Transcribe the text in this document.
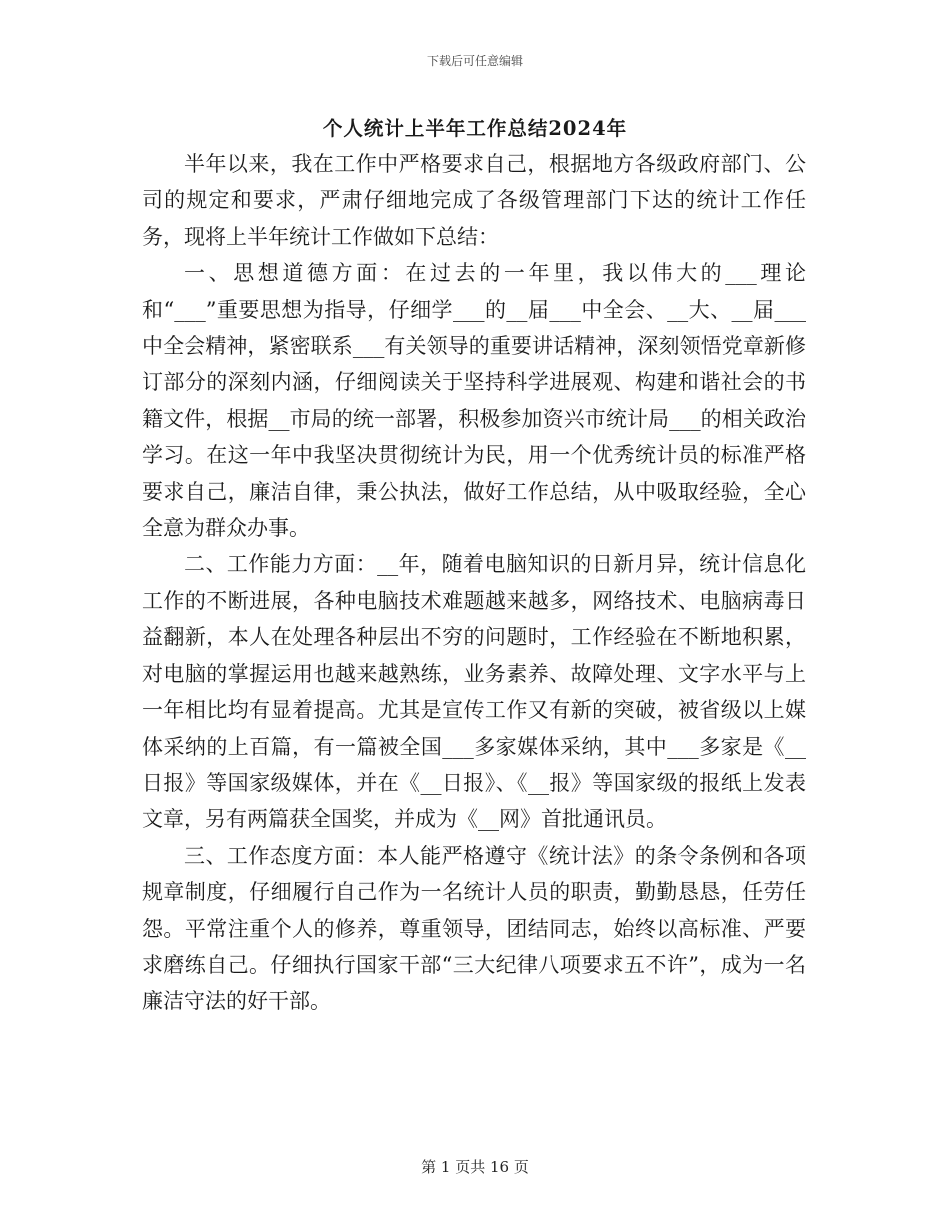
下载后可任意编辑
个人统计上半年工作总结2024年

半年以来，我在工作中严格要求自己，根据地方各级政府部门、公司的规定和要求，严肃仔细地完成了各级管理部门下达的统计工作任务，现将上半年统计工作做如下总结：

一、思想道德方面：在过去的一年里，我以伟大的___理论和“___”重要思想为指导，仔细学___的__届___中全会、__大、__届___中全会精神，紧密联系___有关领导的重要讲话精神，深刻领悟党章新修订部分的深刻内涵，仔细阅读关于坚持科学进展观、构建和谐社会的书籍文件，根据__市局的统一部署，积极参加资兴市统计局___的相关政治学习。在这一年中我坚决贯彻统计为民，用一个优秀统计员的标准严格要求自己，廉洁自律，秉公执法，做好工作总结，从中吸取经验，全心全意为群众办事。

二、工作能力方面：__年，随着电脑知识的日新月异，统计信息化工作的不断进展，各种电脑技术难题越来越多，网络技术、电脑病毒日益翻新，本人在处理各种层出不穷的问题时，工作经验在不断地积累，对电脑的掌握运用也越来越熟练，业务素养、故障处理、文字水平与上一年相比均有显着提高。尤其是宣传工作又有新的突破，被省级以上媒体采纳的上百篇，有一篇被全国___多家媒体采纳，其中___多家是《__日报》等国家级媒体，并在《__日报》、《__报》等国家级的报纸上发表文章，另有两篇获全国奖，并成为《__网》首批通讯员。

三、工作态度方面：本人能严格遵守《统计法》的条令条例和各项规章制度，仔细履行自己作为一名统计人员的职责，勤勤恳恳，任劳任怨。平常注重个人的修养，尊重领导，团结同志，始终以高标准、严要求磨练自己。仔细执行国家干部“三大纪律八项要求五不许”，成为一名廉洁守法的好干部。

第 1 页共 16 页
